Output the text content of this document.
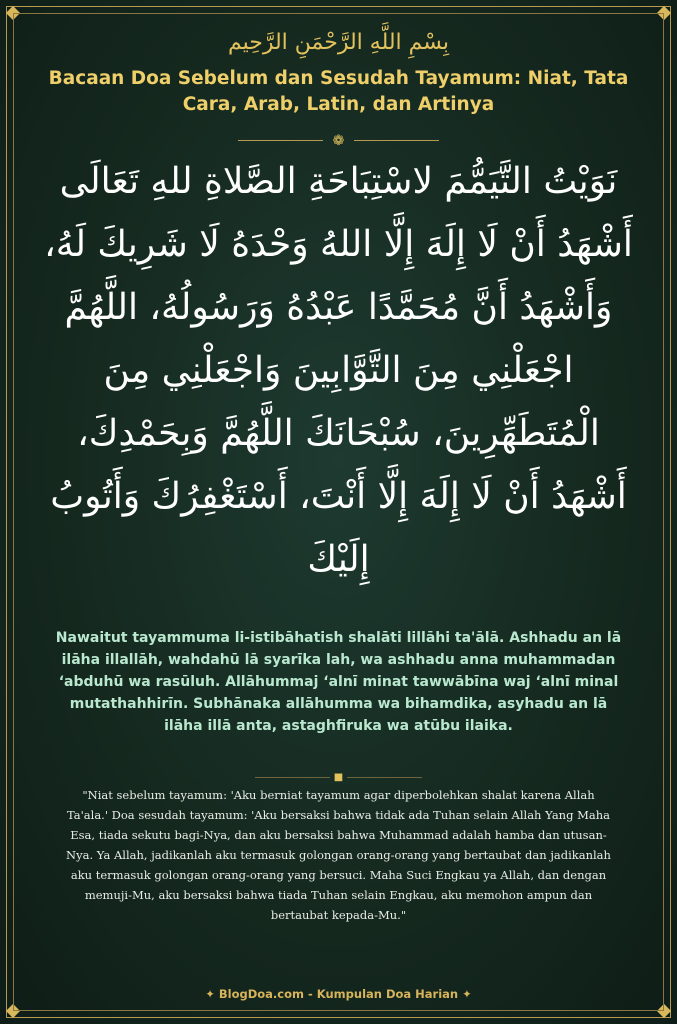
بِسْمِ اللَّهِ الرَّحْمَنِ الرَّحِيم
Bacaan Doa Sebelum dan Sesudah Tayamum: Niat, Tata Cara, Arab, Latin, dan Artinya
❁
نَوَيْتُ التَّيَمُّمَ لاسْتِبَاحَةِ الصَّلاةِ للهِ تَعَالَى أَشْهَدُ أَنْ لَا إِلَهَ إِلَّا اللهُ وَحْدَهُ لَا شَرِيكَ لَهُ، وَأَشْهَدُ أَنَّ مُحَمَّدًا عَبْدُهُ وَرَسُولُهُ، اللَّهُمَّ اجْعَلْنِي مِنَ التَّوَّابِينَ وَاجْعَلْنِي مِنَ الْمُتَطَهِّرِينَ، سُبْحَانَكَ اللَّهُمَّ وَبِحَمْدِكَ، أَشْهَدُ أَنْ لَا إِلَهَ إِلَّا أَنْتَ، أَسْتَغْفِرُكَ وَأَتُوبُ إِلَيْكَ
Nawaitut tayammuma li-istibāhatish shalāti lillāhi ta'ālā. Ashhadu an lā ilāha illallāh, wahdahū lā syarīka lah, wa ashhadu anna muhammadan ‘abduhū wa rasūluh. Allāhummaj ‘alnī minat tawwābīna waj ‘alnī minal mutathahhirīn. Subhānaka allāhumma wa bihamdika, asyhadu an lā ilāha illā anta, astaghfiruka wa atūbu ilaika.
■
"Niat sebelum tayamum: 'Aku berniat tayamum agar diperbolehkan shalat karena Allah Ta'ala.' Doa sesudah tayamum: 'Aku bersaksi bahwa tidak ada Tuhan selain Allah Yang Maha Esa, tiada sekutu bagi-Nya, dan aku bersaksi bahwa Muhammad adalah hamba dan utusan-Nya. Ya Allah, jadikanlah aku termasuk golongan orang-orang yang bertaubat dan jadikanlah aku termasuk golongan orang-orang yang bersuci. Maha Suci Engkau ya Allah, dan dengan memuji-Mu, aku bersaksi bahwa tiada Tuhan selain Engkau, aku memohon ampun dan bertaubat kepada-Mu."
✦ BlogDoa.com - Kumpulan Doa Harian ✦
